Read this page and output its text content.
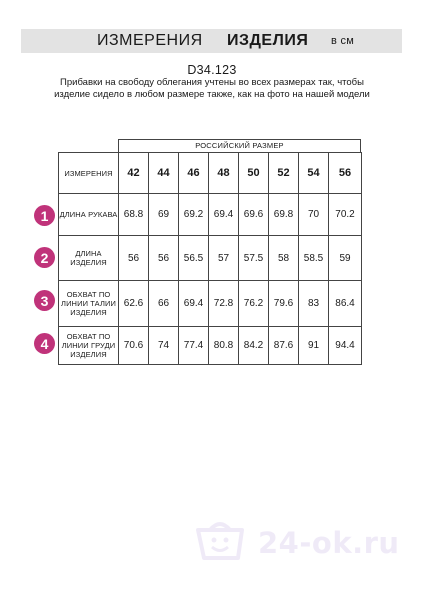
ИЗМЕРЕНИЯ ИЗДЕЛИЯ в см
D34.123
Прибавки на свободу облегания учтены во всех размерах так, чтобы изделие сидело в любом размере также, как на фото на нашей модели
РОССИЙСКИЙ РАЗМЕР
ИЗМЕРЕНИЯ	42	44	46	48	50	52	54	56
ДЛИНА РУКАВА	68.8	69	69.2	69.4	69.6	69.8	70	70.2
ДЛИНА ИЗДЕЛИЯ	56	56	56.5	57	57.5	58	58.5	59
ОБХВАТ ПО ЛИНИИ ТАЛИИ ИЗДЕЛИЯ	62.6	66	69.4	72.8	76.2	79.6	83	86.4
ОБХВАТ ПО ЛИНИИ ГРУДИ ИЗДЕЛИЯ	70.6	74	77.4	80.8	84.2	87.6	91	94.4
1
2
3
4
24-ok.ru
